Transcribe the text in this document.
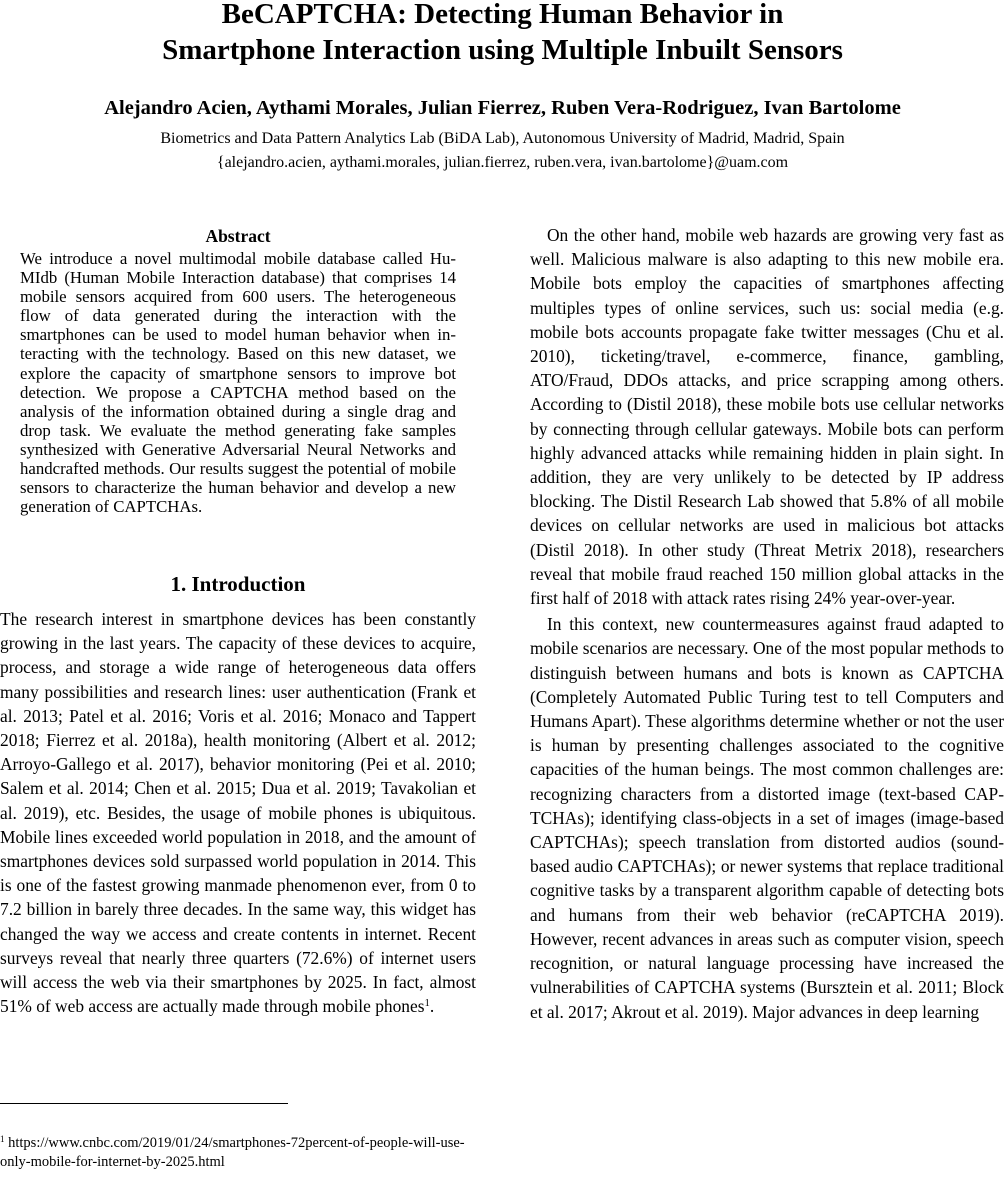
BeCAPTCHA: Detecting Human Behavior in
Smartphone Interaction using Multiple Inbuilt Sensors
Alejandro Acien, Aythami Morales, Julian Fierrez, Ruben Vera-Rodriguez, Ivan Bartolome
Biometrics and Data Pattern Analytics Lab (BiDA Lab), Autonomous University of Madrid, Madrid, Spain
{alejandro.acien, aythami.morales, julian.fierrez, ruben.vera, ivan.bartolome}@uam.com
Abstract
We introduce a novel multimodal mobile database called HuMIdb (Human Mobile Interaction database) that comprises 14 mobile sensors acquired from 600 users. The heterogeneous flow of data generated during the interaction with the smartphones can be used to model human behavior when interacting with the technology. Based on this new dataset, we explore the capacity of smartphone sensors to improve bot detection. We propose a CAPTCHA method based on the analysis of the information obtained during a single drag and drop task. We evaluate the method generating fake samples synthesized with Generative Adversarial Neural Networks and handcrafted methods. Our results suggest the potential of mobile sensors to characterize the human behavior and develop a new generation of CAPTCHAs.
1. Introduction
The research interest in smartphone devices has been constantly growing in the last years. The capacity of these devices to acquire, process, and storage a wide range of heterogeneous data offers many possibilities and research lines: user authentication (Frank et al. 2013; Patel et al. 2016; Voris et al. 2016; Monaco and Tappert 2018; Fierrez et al. 2018a), health monitoring (Albert et al. 2012; Arroyo-Gallego et al. 2017), behavior monitoring (Pei et al. 2010; Salem et al. 2014; Chen et al. 2015; Dua et al. 2019; Tavakolian et al. 2019), etc. Besides, the usage of mobile phones is ubiquitous. Mobile lines exceeded world population in 2018, and the amount of smartphones devices sold surpassed world population in 2014. This is one of the fastest growing manmade phenomenon ever, from 0 to 7.2 billion in barely three decades. In the same way, this widget has changed the way we access and create contents in internet. Recent surveys reveal that nearly three quarters (72.6%) of internet users will access the web via their smartphones by 2025. In fact, almost 51% of web access are actually made through mobile phones$^1$.

On the other hand, mobile web hazards are growing very fast as well. Malicious malware is also adapting to this new mobile era. Mobile bots employ the capacities of smartphones affecting multiples types of online services, such us: social media (e.g. mobile bots accounts propagate fake twitter messages (Chu et al. 2010), ticketing/travel, e-commerce, finance, gambling, ATO/Fraud, DDOs attacks, and price scrapping among others. According to (Distil 2018), these mobile bots use cellular networks by connecting through cellular gateways. Mobile bots can perform highly advanced attacks while remaining hidden in plain sight. In addition, they are very unlikely to be detected by IP address blocking. The Distil Research Lab showed that 5.8% of all mobile devices on cellular networks are used in malicious bot attacks (Distil 2018). In other study (Threat Metrix 2018), researchers reveal that mobile fraud reached 150 million global attacks in the first half of 2018 with attack rates rising 24% year-over-year.

In this context, new countermeasures against fraud adapted to mobile scenarios are necessary. One of the most popular methods to distinguish between humans and bots is known as CAPTCHA (Completely Automated Public Turing test to tell Computers and Humans Apart). These algorithms determine whether or not the user is human by presenting challenges associated to the cognitive capacities of the human beings. The most common challenges are: recognizing characters from a distorted image (text-based CAPTCHAs); identifying class-objects in a set of images (image-based CAPTCHAs); speech translation from distorted audios (sound-based audio CAPTCHAs); or newer systems that replace traditional cognitive tasks by a transparent algorithm capable of detecting bots and humans from their web behavior (reCAPTCHA 2019). However, recent advances in areas such as computer vision, speech recognition, or natural language processing have increased the vulnerabilities of CAPTCHA systems (Bursztein et al. 2011; Block et al. 2017; Akrout et al. 2019). Major advances in deep learning

$^1$ https://www.cnbc.com/2019/01/24/smartphones-72percent-of-people-will-use-only-mobile-for-internet-by-2025.html
